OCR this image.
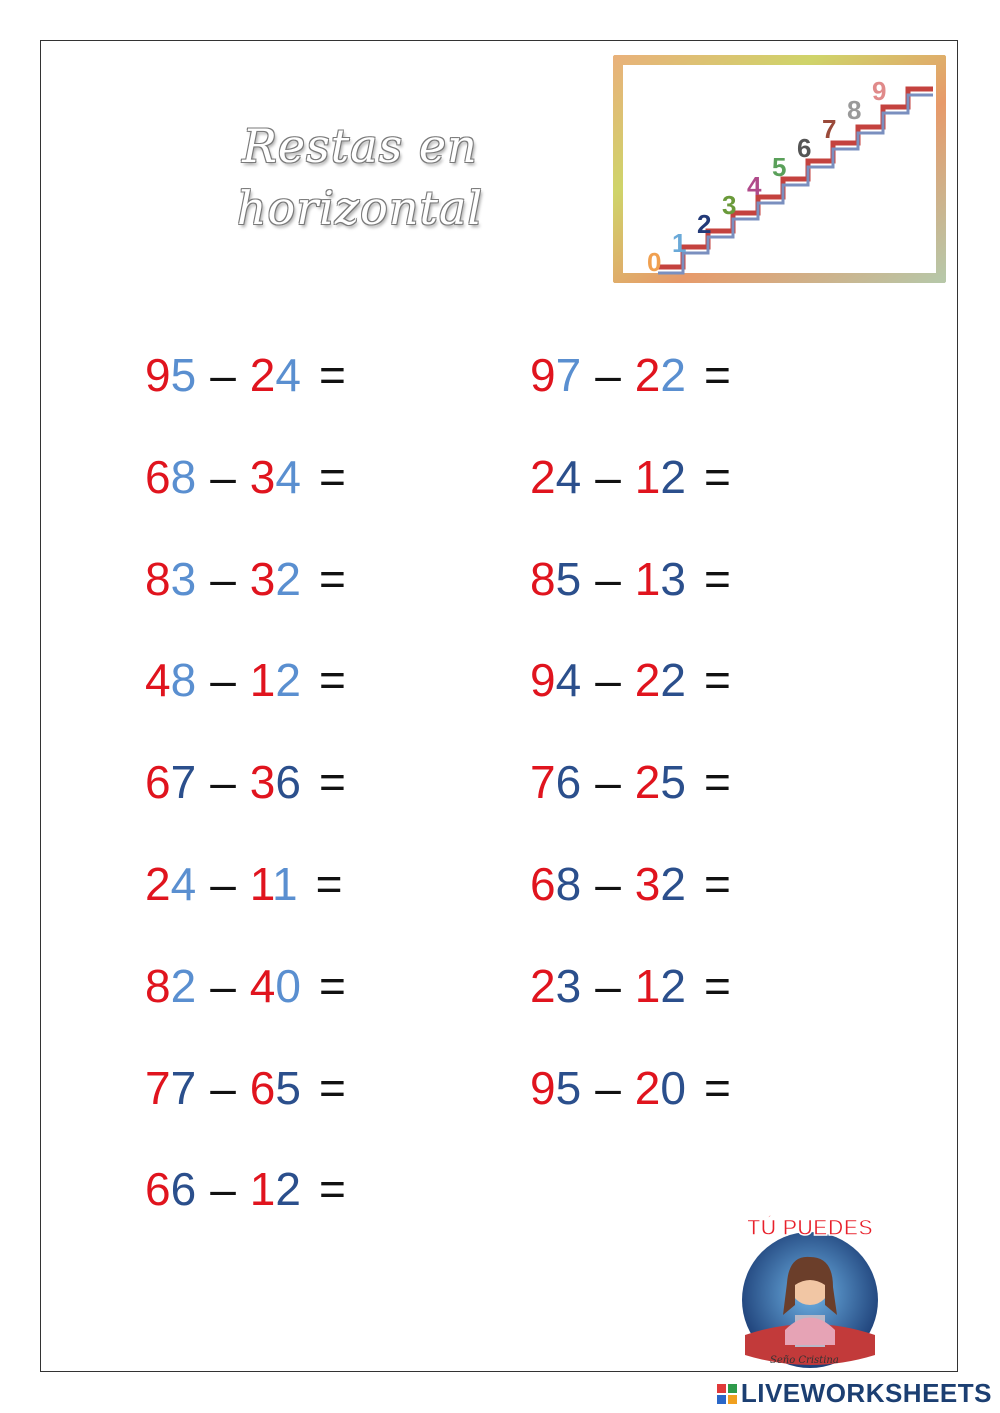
Restas en
horizontal
0
1
2
3
4
5
6
7
8
9
95 – 24 =
68 – 34 =
83 – 32 =
48 – 12 =
67 – 36 =
24 – 11 =
82 – 40 =
77 – 65 =
66 – 12 =
97 – 22 =
24 – 12 =
85 – 13 =
94 – 22 =
76 – 25 =
68 – 32 =
23 – 12 =
95 – 20 =
TÚ PUEDES
Seño Cristina
LIVEWORKSHEETS
